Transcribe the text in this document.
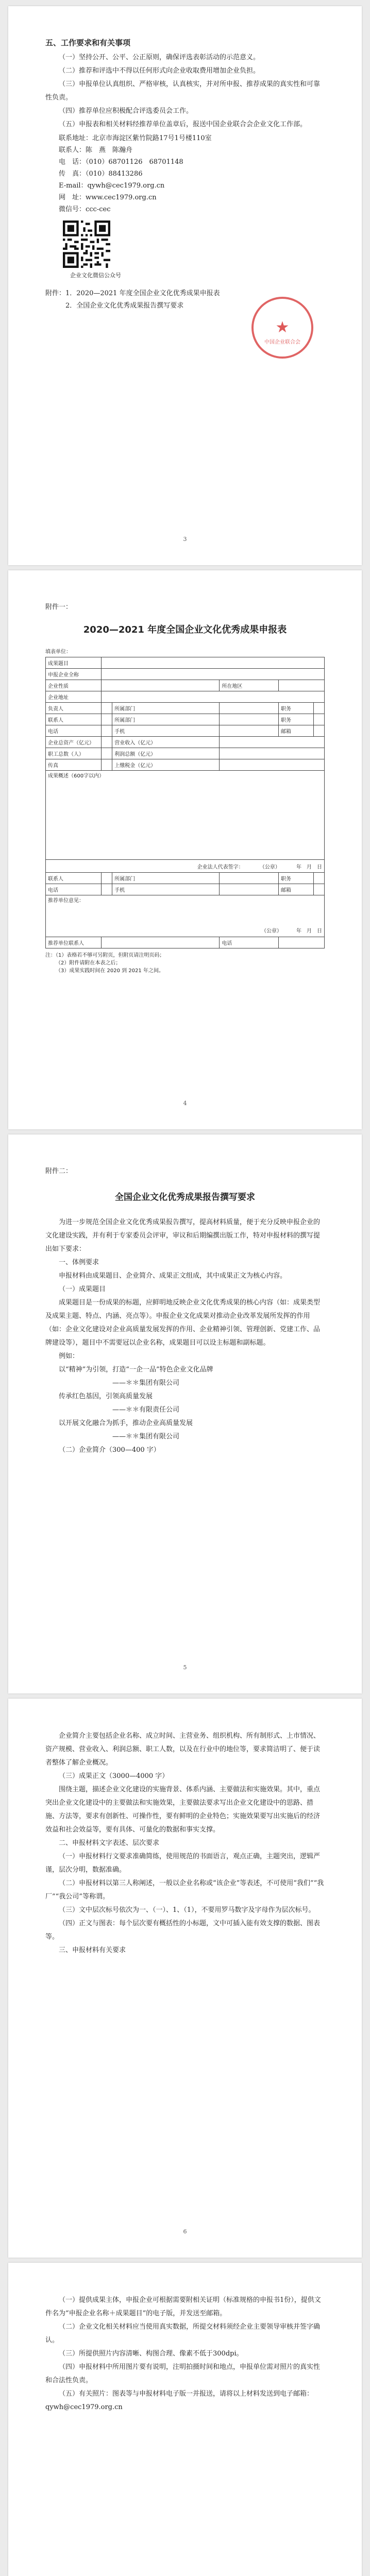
五、工作要求和有关事项

（一）坚持公开、公平、公正原则，确保评选表彰活动的示范意义。

（二）推荐和评选中不得以任何形式向企业收取费用增加企业负担。

（三）申报单位认真组织、严格审核，认真核实，并对所申报、推荐成果的真实性和可靠性负责。

（四）推荐单位应积极配合评选委员会工作。

（五）申报表和相关材料经推荐单位盖章后，报送中国企业联合会企业文化工作部。

联系地址：北京市海淀区紫竹院路17号1号楼110室
联系人：陈　燕　陈瀚舟
电　话：（010）68701126　68701148
传　真：（010）88413286
E-mail：qywh@cec1979.org.cn
网　址：www.cec1979.org.cn
微信号：ccc-cec
企业文化微信公众号
附件：1．2020—2021 年度全国企业文化优秀成果申报表
2．全国企业文化优秀成果报告撰写要求
★
中国企业联合会
3
附件一：
2020—2021 年度全国企业文化优秀成果申报表
填表单位：
成果题目					
申报企业全称					
企业性质			所在地区		
企业地址					
负责人		所属部门		职务	
联系人		所属部门		职务	
电话		手机		邮箱	
企业总资产（亿元）		营业收入（亿元）			
职工总数（人）		利润总额（亿元）			
传真		上缴税金（亿元）			
成果概述（600字以内）					
企业法人代表签字： （公章） 年　月　日					
联系人		所属部门		职务	
电话		手机		邮箱	
推荐单位意见：
（公章） 年　月　日					

推荐单位联系人			电话		
注：（1）表格若不够可另附页，但附页请注明页码；
（2）附件请附在本表之后；
（3）成果实践时间在 2020 到 2021 年之间。
4
附件二：
全国企业文化优秀成果报告撰写要求

为进一步规范全国企业文化优秀成果报告撰写，提高材料质量，便于充分反映申报企业的文化建设实践，并有利于专家委员会评审，审议和后期编撰出版工作，特对申报材料的撰写提出如下要求：

一、体例要求

申报材料由成果题目、企业简介、成果正文组成，其中成果正文为核心内容。

（一）成果题目

成果题目是一份成果的标题，应鲜明地反映企业文化优秀成果的核心内容（如：成果类型及成果主题、特点、内涵、亮点等）。申报企业文化成果对推动企业改革发展所发挥的作用（如：企业文化建设对企业高质量发展发挥的作用、企业精神引领、管理创新、党建工作、品牌建设等），题目中不需要冠以企业名称，成果题目可以设主标题和副标题。

例如：

以“精神”为引领，打造“一企一品”特色企业文化品牌

——＊＊集团有限公司

传承红色基因，引领高质量发展

——＊＊有限责任公司

以开展文化融合为抓手，推动企业高质量发展

——＊＊集团有限公司

（二）企业简介（300—400 字）

5

企业简介主要包括企业名称、成立时间、主营业务、组织机构、所有制形式、上市情况、资产规模、营业收入、利润总额、职工人数，以及在行业中的地位等，要求简洁明了、便于读者整体了解企业概况。

（三）成果正文（3000—4000 字）

围绕主题，描述企业文化建设的实施背景、体系内涵、主要做法和实施效果。其中，重点突出企业文化建设中的主要做法和实施效果，主要做法要求写出企业文化建设中的思路、措施、方法等，要求有创新性、可操作性，要有鲜明的企业特色；实施效果要写出实施后的经济效益和社会效益等，要有具体、可量化的数据和事实支撑。

二、申报材料文字表述、层次要求

（一）申报材料行文要求准确简练，使用规范的书面语言，观点正确，主题突出，逻辑严谨，层次分明，数据准确。

（二）申报材料以第三人称阐述，一般以企业名称或“该企业”等表述，不可使用“我们”“我厂”“我公司”等称谓。

（三）文中层次标号依次为一、（一）、1、（1），不要用罗马数字及字母作为层次标号。

（四）正文与图表：每个层次要有概括性的小标题，文中可插入能有效支撑的数据、图表等。

三、申报材料有关要求

6

（一）提供成果主体，申报企业可根据需要附相关证明（标准规格的申报书1份），提供文件名为“申报企业名称＋成果题目”的电子版，并发送至邮箱。

（二）企业文化相关材料应当使用真实数据，所提交材料须经企业主要领导审核并签字确认。

（三）所提供照片内容清晰、构图合理、像素不低于300dpi。

（四）申报材料中所用图片要有说明，注明拍摄时间和地点，申报单位需对照片的真实性和合法性负责。

（五）有关照片：图表等与申报材料电子版一并报送，请将以上材料发送到电子邮箱：qywh@cec1979.org.cn
